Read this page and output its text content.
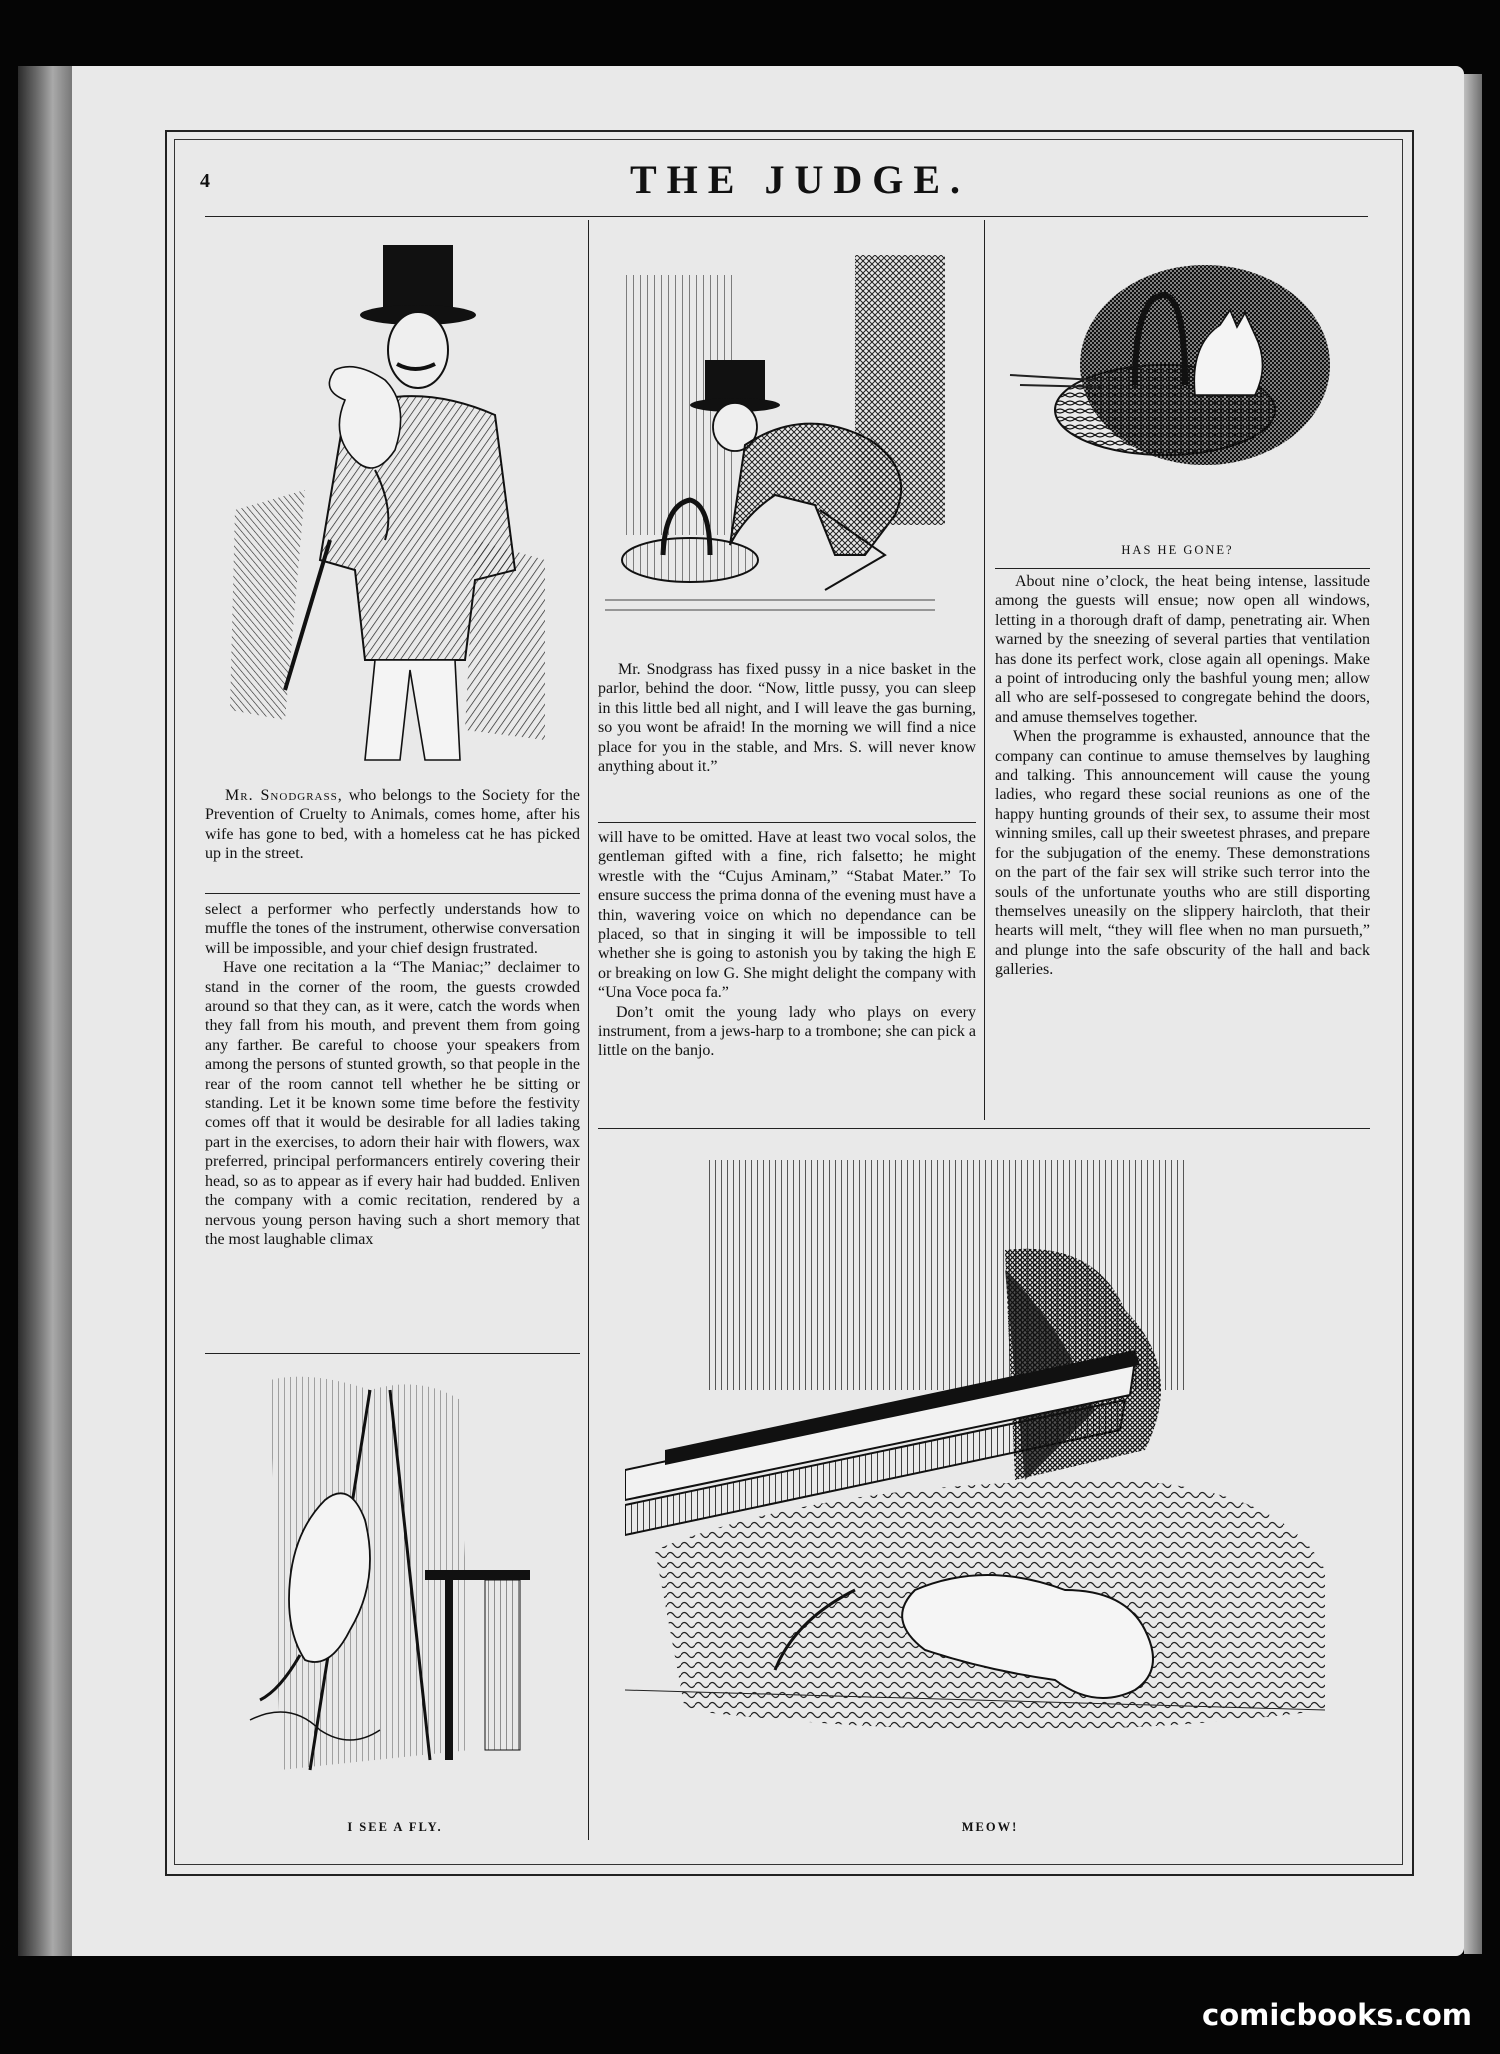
4	THE JUDGE.
HAS HE GONE?

Mr. Snodgrass, who belongs to the Society for the Prevention of Cruelty to Animals, comes home, after his wife has gone to bed, with a homeless cat he has picked up in the street.

select a performer who perfectly understands how to muffle the tones of the instrument, otherwise conversation will be impossible, and your chief design frustrated.

Have one recitation a la “The Maniac;” declaimer to stand in the corner of the room, the guests crowded around so that they can, as it were, catch the words when they fall from his mouth, and prevent them from going any farther. Be careful to choose your speakers from among the persons of stunted growth, so that people in the rear of the room cannot tell whether he be sitting or standing. Let it be known some time before the festivity comes off that it would be desirable for all ladies taking part in the exercises, to adorn their hair with flowers, wax preferred, principal performancers entirely covering their head, so as to appear as if every hair had budded. Enliven the company with a comic recitation, rendered by a nervous young person having such a short memory that the most laughable climax

Mr. Snodgrass has fixed pussy in a nice basket in the parlor, behind the door. “Now, little pussy, you can sleep in this little bed all night, and I will leave the gas burning, so you wont be afraid! In the morning we will find a nice place for you in the stable, and Mrs. S. will never know anything about it.”

will have to be omitted. Have at least two vocal solos, the gentleman gifted with a fine, rich falsetto; he might wrestle with the “Cujus Aminam,” “Stabat Mater.” To ensure success the prima donna of the evening must have a thin, wavering voice on which no dependance can be placed, so that in singing it will be impossible to tell whether she is going to astonish you by taking the high E or breaking on low G. She might delight the company with “Una Voce poca fa.”

Don’t omit the young lady who plays on every instrument, from a jews-harp to a trombone; she can pick a little on the banjo.

About nine o’clock, the heat being intense, lassitude among the guests will ensue; now open all windows, letting in a thorough draft of damp, penetrating air. When warned by the sneezing of several parties that ventilation has done its perfect work, close again all openings. Make a point of introducing only the bashful young men; allow all who are self-possesed to congregate behind the doors, and amuse themselves together.

When the programme is exhausted, announce that the company can continue to amuse themselves by laughing and talking. This announcement will cause the young ladies, who regard these social reunions as one of the happy hunting grounds of their sex, to assume their most winning smiles, call up their sweetest phrases, and prepare for the subjugation of the enemy. These demonstrations on the part of the fair sex will strike such terror into the souls of the unfortunate youths who are still disporting themselves uneasily on the slippery haircloth, that their hearts will melt, “they will flee when no man pursueth,” and plunge into the safe obscurity of the hall and back galleries.

I SEE A FLY.	MEOW!
comicbooks.com
